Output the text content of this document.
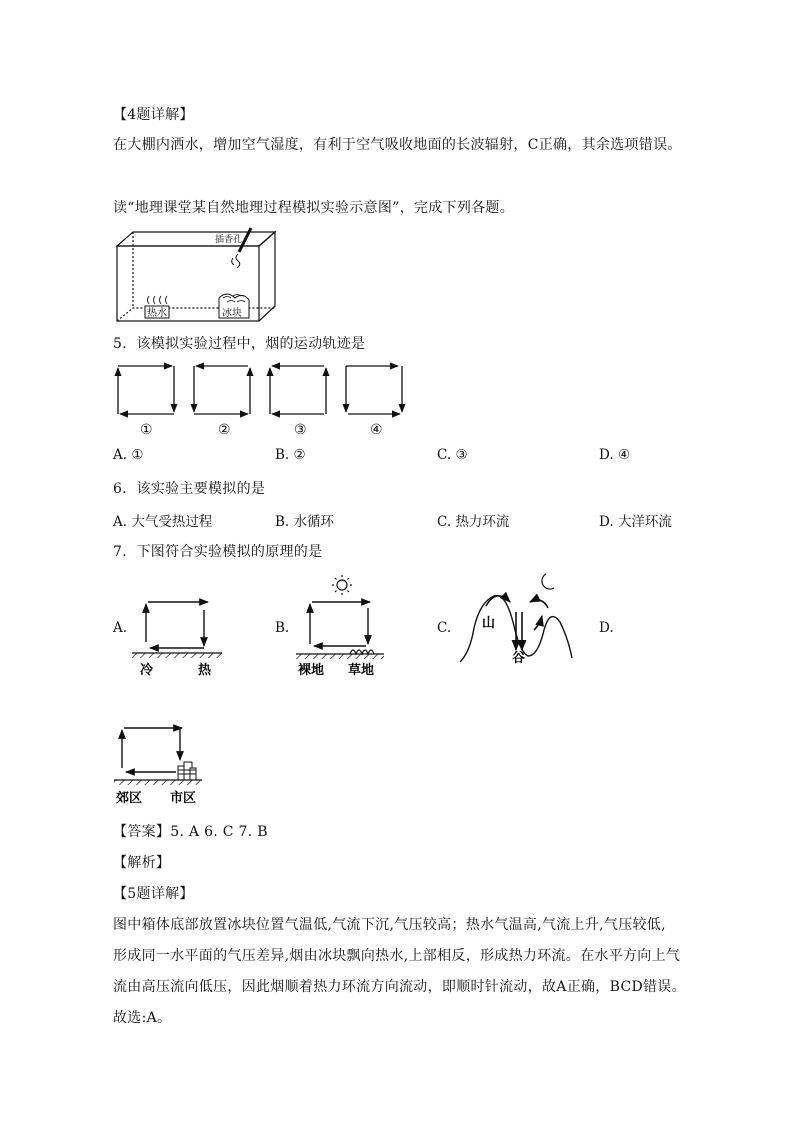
【4题详解】
在大棚内洒水，增加空气湿度，有利于空气吸收地面的长波辐射，C正确，其余选项错误。
读“地理课堂某自然地理过程模拟实验示意图”，完成下列各题。
插香孔
热水	冰块
5．该模拟实验过程中，烟的运动轨迹是
①	②	③	④
A. ①	B. ②	C. ③	D. ④
6．该实验主要模拟的是
A. 大气受热过程	B. 水循环	C. 热力环流	D. 大洋环流
7．下图符合实验模拟的原理的是
A.	B.	C.	D.
冷	热	裸地 草地
山
谷
郊区 市区
【答案】5. A 6. C 7. B
【解析】
【5题详解】
图中箱体底部放置冰块位置气温低,气流下沉,气压较高；热水气温高,气流上升,气压较低,
形成同一水平面的气压差异,烟由冰块飘向热水,上部相反，形成热力环流。在水平方向上气
流由高压流向低压，因此烟顺着热力环流方向流动，即顺时针流动，故A正确，BCD错误。
故选:A。
